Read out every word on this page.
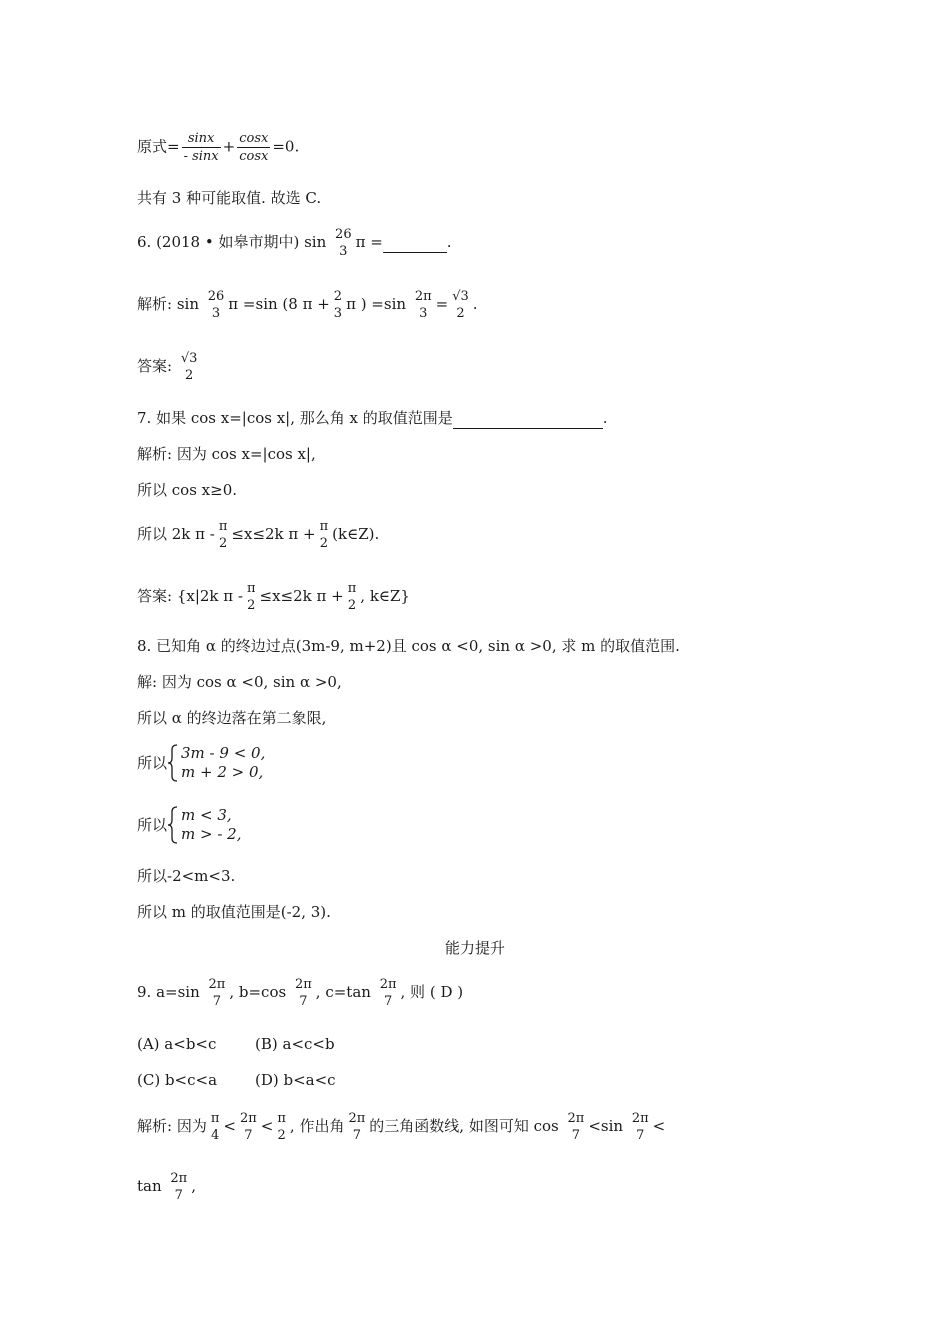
原式= $\frac{\sin x}{- \sin x} + \frac{\cos x}{\cos x} =0$.
共有 3 种可能取值. 故选 C.
6. (2018 • 如皋市期中) sin 26
3
π =	.
解析: sin 26
3
π =sin (8 π + 2
3
π ) =sin 2π
3
= √3
2
.
答案: √3
2
7. 如果 cos x=|cos x|, 那么角 x 的取值范围是	.
解析: 因为 cos x=|cos x|,
所以 cos x≥0.
所以 2k π - π
2
≤x≤2k π + π
2
(k∈Z).
答案: {x|2k π - π
2
≤x≤2k π + π
2
, k∈Z}
8. 已知角 α 的终边过点(3m-9, m+2)且 cos α <0, sin α >0, 求 m 的取值范围.
解: 因为 cos α <0, sin α >0,
所以 α 的终边落在第二象限,
所以
3m - 9 < 0,
m + 2 > 0,
所以
m < 3,
m > - 2,
所以-2<m<3.
所以 m 的取值范围是(-2, 3).
能力提升
9. a=sin 2π
7
, b=cos 2π
7
, c=tan 2π
7
, 则 ( D )
(A) a<b<c	(B) a<c<b
(C) b<c<a	(D) b<a<c
解析: 因为 π
4
< 2π
7
< π
2
, 作出角 2π
7
的三角函数线, 如图可知 cos 2π
7
<sin 2π
7
<
tan 2π
7
,
